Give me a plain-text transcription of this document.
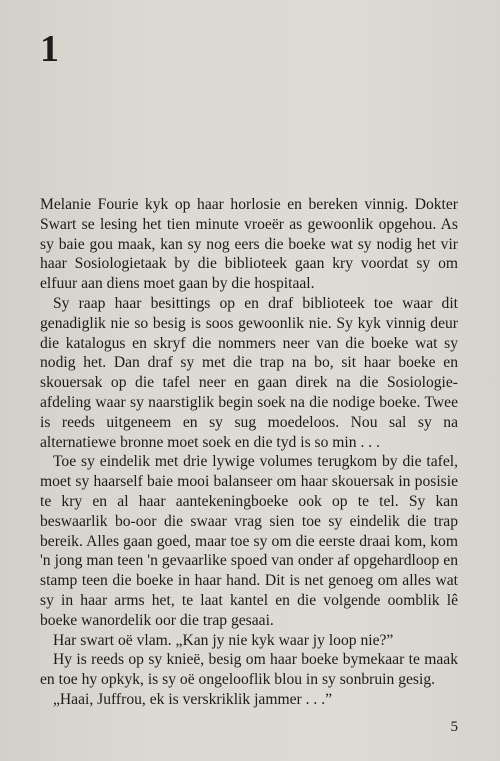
1

Melanie Fourie kyk op haar horlosie en bereken vinnig. Dokter Swart se lesing het tien minute vroeër as gewoonlik opgehou. As sy baie gou maak, kan sy nog eers die boeke wat sy nodig het vir haar Sosiologietaak by die biblioteek gaan kry voordat sy om elfuur aan diens moet gaan by die hospitaal.

Sy raap haar besittings op en draf biblioteek toe waar dit genadiglik nie so besig is soos gewoonlik nie. Sy kyk vinnig deur die katalogus en skryf die nommers neer van die boeke wat sy nodig het. Dan draf sy met die trap na bo, sit haar boeke en skouersak op die tafel neer en gaan direk na die Sosiologie-afdeling waar sy naarstiglik begin soek na die nodige boeke. Twee is reeds uitgeneem en sy sug moedeloos. Nou sal sy na alternatiewe bronne moet soek en die tyd is so min . . .

Toe sy eindelik met drie lywige volumes terugkom by die tafel, moet sy haarself baie mooi balanseer om haar skouersak in posisie te kry en al haar aantekeningboeke ook op te tel. Sy kan beswaarlik bo-oor die swaar vrag sien toe sy eindelik die trap bereik. Alles gaan goed, maar toe sy om die eerste draai kom, kom 'n jong man teen 'n gevaarlike spoed van onder af opgehardloop en stamp teen die boeke in haar hand. Dit is net genoeg om alles wat sy in haar arms het, te laat kantel en die volgende oomblik lê boeke wanordelik oor die trap gesaai.

Har swart oë vlam. „Kan jy nie kyk waar jy loop nie?”

Hy is reeds op sy knieë, besig om haar boeke bymekaar te maak en toe hy opkyk, is sy oë ongelooflik blou in sy sonbruin gesig.

„Haai, Juffrou, ek is verskriklik jammer . . .”

5
